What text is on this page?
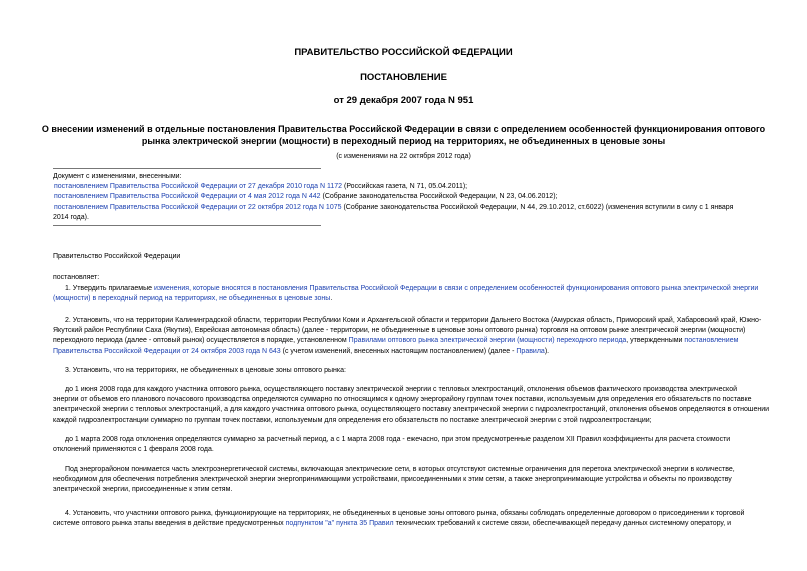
ПРАВИТЕЛЬСТВО РОССИЙСКОЙ ФЕДЕРАЦИИ
ПОСТАНОВЛЕНИЕ
от 29 декабря 2007 года N 951
О внесении изменений в отдельные постановления Правительства Российской Федерации в связи с определением особенностей функционирования оптового
рынка электрической энергии (мощности) в переходный период на территориях, не объединенных в ценовые зоны
(с изменениями на 22 октября 2012 года)
Документ с изменениями, внесенными:
постановлением Правительства Российской Федерации от 27 декабря 2010 года N 1172 (Российская газета, N 71, 05.04.2011);
постановлением Правительства Российской Федерации от 4 мая 2012 года N 442 (Собрание законодательства Российской Федерации, N 23, 04.06.2012);
постановлением Правительства Российской Федерации от 22 октября 2012 года N 1075 (Собрание законодательства Российской Федерации, N 44, 29.10.2012, ст.6022) (изменения вступили в силу с 1 января
2014 года).
Правительство Российской Федерации
постановляет:
1. Утвердить прилагаемые изменения, которые вносятся в постановления Правительства Российской Федерации в связи с определением особенностей функционирования оптового рынка электрической энергии
(мощности) в переходный период на территориях, не объединенных в ценовые зоны.
2. Установить, что на территории Калининградской области, территории Республики Коми и Архангельской области и территории Дальнего Востока (Амурская область, Приморский край, Хабаровский край, Южно-
Якутский район Республики Саха (Якутия), Еврейская автономная область) (далее - территории, не объединенные в ценовые зоны оптового рынка) торговля на оптовом рынке электрической энергии (мощности)
переходного периода (далее - оптовый рынок) осуществляется в порядке, установленном Правилами оптового рынка электрической энергии (мощности) переходного периода, утвержденными постановлением
Правительства Российской Федерации от 24 октября 2003 года N 643 (с учетом изменений, внесенных настоящим постановлением) (далее - Правила).
3. Установить, что на территориях, не объединенных в ценовые зоны оптового рынка:
до 1 июня 2008 года для каждого участника оптового рынка, осуществляющего поставку электрической энергии с тепловых электростанций, отклонения объемов фактического производства электрической
энергии от объемов его планового почасового производства определяются суммарно по относящимся к одному энергорайону группам точек поставки, используемым для определения его обязательств по поставке
электрической энергии с тепловых электростанций, а для каждого участника оптового рынка, осуществляющего поставку электрической энергии с гидроэлектростанций, отклонения объемов определяются в отношении
каждой гидроэлектростанции суммарно по группам точек поставки, используемым для определения его обязательств по поставке электрической энергии с этой гидроэлектростанции;
до 1 марта 2008 года отклонения определяются суммарно за расчетный период, а с 1 марта 2008 года - ежечасно, при этом предусмотренные разделом XII Правил коэффициенты для расчета стоимости
отклонений применяются с 1 февраля 2008 года.
Под энергорайоном понимается часть электроэнергетической системы, включающая электрические сети, в которых отсутствуют системные ограничения для перетока электрической энергии в количестве,
необходимом для обеспечения потребления электрической энергии энергопринимающими устройствами, присоединенными к этим сетям, а также энергопринимающие устройства и объекты по производству
электрической энергии, присоединенные к этим сетям.
4. Установить, что участники оптового рынка, функционирующие на территориях, не объединенных в ценовые зоны оптового рынка, обязаны соблюдать определенные договором о присоединении к торговой
системе оптового рынка этапы введения в действие предусмотренных подпунктом "а" пункта 35 Правил технических требований к системе связи, обеспечивающей передачу данных системному оператору, и
